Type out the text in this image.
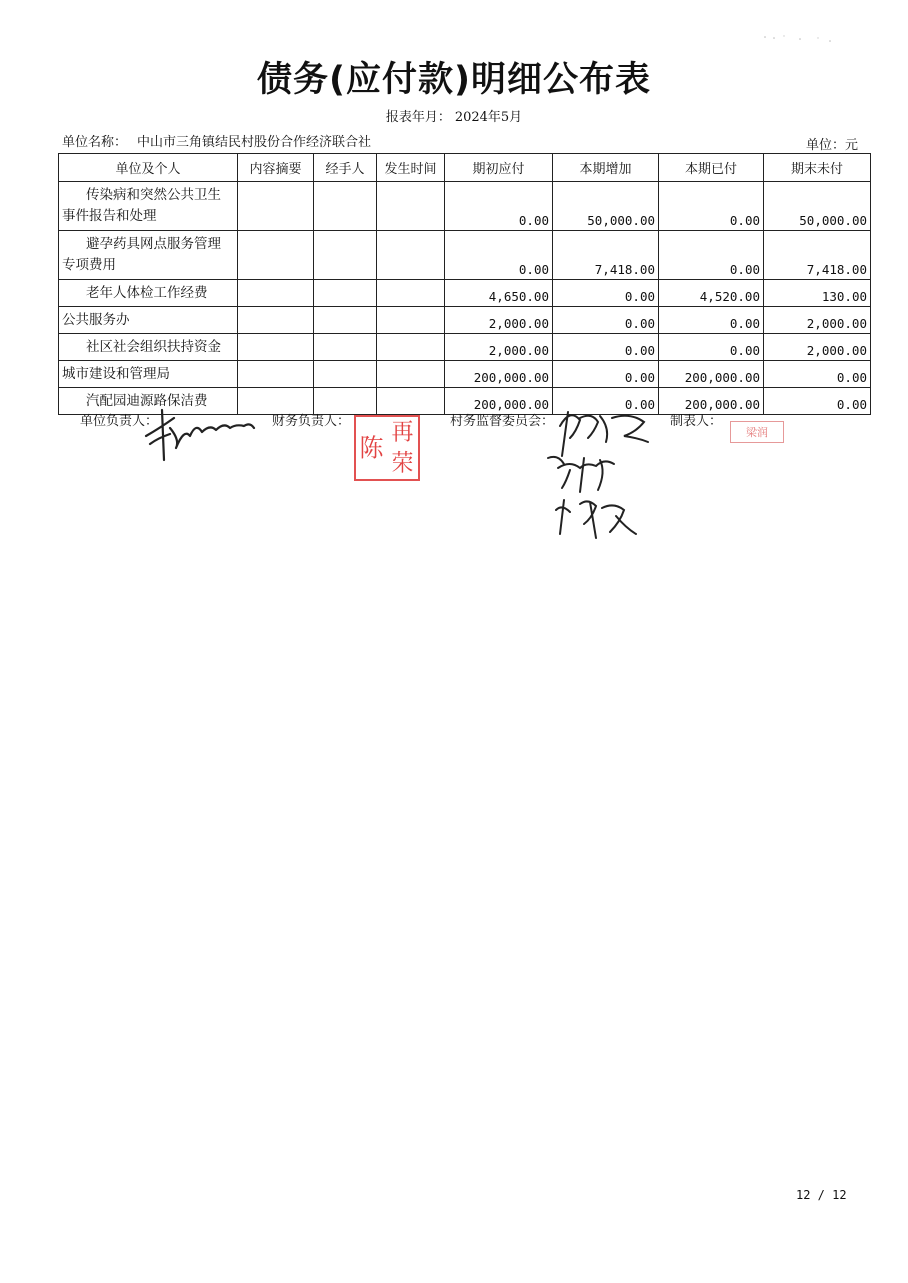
债务(应付款)明细公布表
报表年月： 2024年5月
单位名称： 中山市三角镇结民村股份合作经济联合社	单位：元
单位及个人	内容摘要	经手人	发生时间	期初应付	本期增加	本期已付	期末未付
传染病和突然公共卫生事件报告和处理				0.00	50,000.00	0.00	50,000.00
避孕药具网点服务管理专项费用				0.00	7,418.00	0.00	7,418.00
老年人体检工作经费				4,650.00	0.00	4,520.00	130.00
公共服务办				2,000.00	0.00	0.00	2,000.00
社区社会组织扶持资金				2,000.00	0.00	0.00	2,000.00
城市建设和管理局				200,000.00	0.00	200,000.00	0.00
汽配园迪源路保洁费				200,000.00	0.00	200,000.00	0.00
单位负责人：	财务负责人：	村务监督委员会：	制表人：
再
陈
荣
梁润
12 / 12
